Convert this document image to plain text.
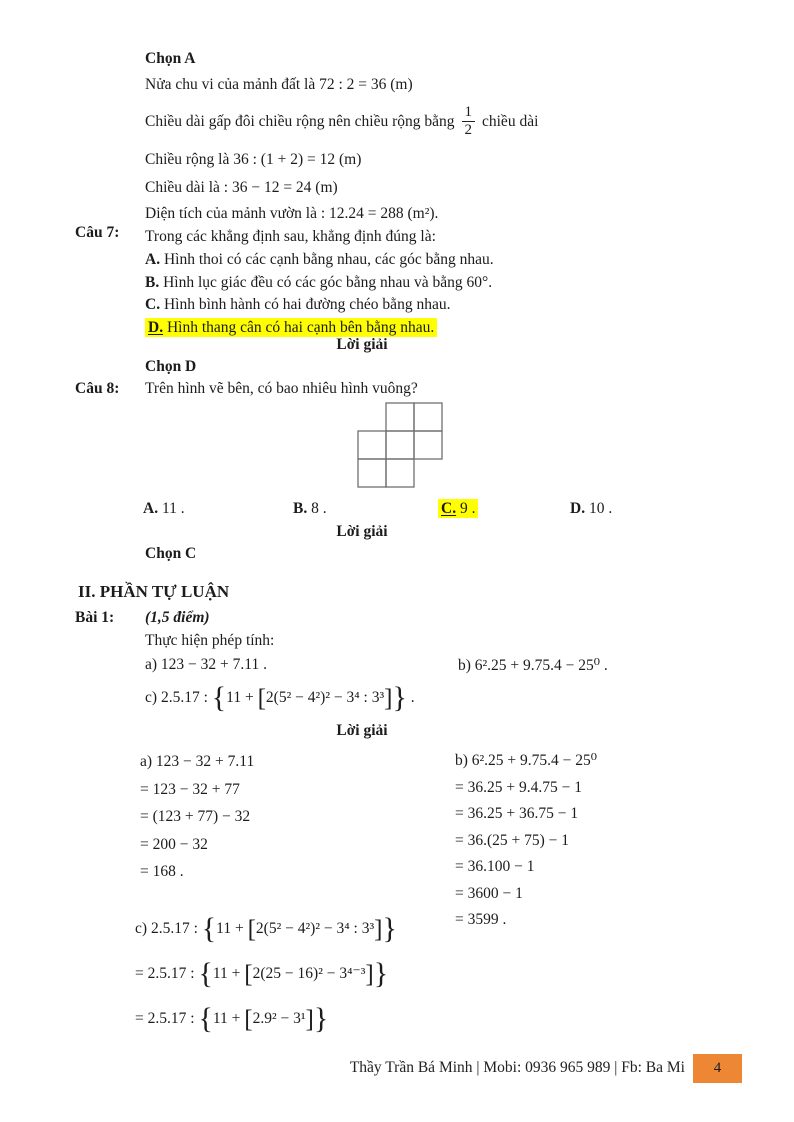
Chọn A
Nửa chu vi của mảnh đất là 72 : 2 = 36 (m)
Chiều dài gấp đôi chiều rộng nên chiều rộng bằng $\frac{1}{2}$ chiều dài
Chiều rộng là 36 : (1 + 2) = 12 (m)
Chiều dài là : 36 − 12 = 24 (m)
Diện tích của mảnh vườn là : 12.24 = 288 (m²).
Câu 7: Trong các khẳng định sau, khẳng định đúng là:
A. Hình thoi có các cạnh bằng nhau, các góc bằng nhau.
B. Hình lục giác đều có các góc bằng nhau và bằng 60°.
C. Hình bình hành có hai đường chéo bằng nhau.
D. Hình thang cân có hai cạnh bên bằng nhau.
Lời giải
Chọn D
Câu 8: Trên hình vẽ bên, có bao nhiêu hình vuông?
A. 11 .	B. 8 .	C. 9 .	D. 10 .
Lời giải
Chọn C
II. PHẦN TỰ LUẬN
Bài 1: (1,5 điểm)
Thực hiện phép tính:
a) 123 − 32 + 7.11 .	b) 6².25 + 9.75.4 − 25⁰ .
c) 2.5.17 : {11 + [2(5² − 4²)² − 3⁴ : 3³]} .
Lời giải
a) 123 − 32 + 7.11
= 123 − 32 + 77
= (123 + 77) − 32
= 200 − 32
= 168 .
b) 6².25 + 9.75.4 − 25⁰
= 36.25 + 9.4.75 − 1
= 36.25 + 36.75 − 1
= 36.(25 + 75) − 1
= 36.100 − 1
= 3600 − 1
= 3599 .
c) 2.5.17 : {11 + [2(5² − 4²)² − 3⁴ : 3³]}
= 2.5.17 : {11 + [2(25 − 16)² − 3⁴⁻³]}
= 2.5.17 : {11 + [2.9² − 3¹]}
Thầy Trần Bá Minh | Mobi: 0936 965 989 | Fb: Ba Mi	4
